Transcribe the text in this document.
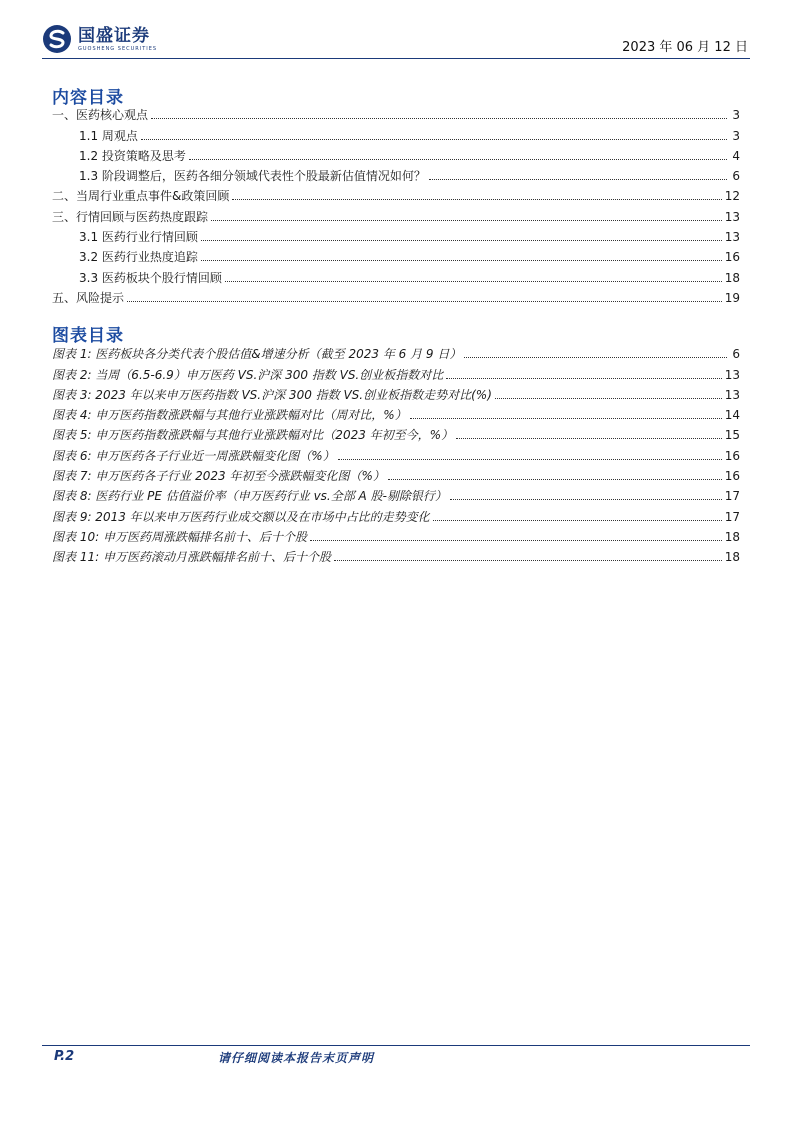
国盛证券
GUOSHENG SECURITIES	2023 年 06 月 12 日
内容目录
一、医药核心观点	3
1.1 周观点	3
1.2 投资策略及思考	4
1.3 阶段调整后，医药各细分领域代表性个股最新估值情况如何？	6
二、当周行业重点事件&政策回顾	12
三、行情回顾与医药热度跟踪	13
3.1 医药行业行情回顾	13
3.2 医药行业热度追踪	16
3.3 医药板块个股行情回顾	18
五、风险提示	19
图表目录
图表 1: 医药板块各分类代表个股估值&增速分析（截至 2023 年 6 月 9 日）	6
图表 2: 当周（6.5-6.9）申万医药 VS.沪深 300 指数 VS.创业板指数对比	13
图表 3: 2023 年以来申万医药指数 VS.沪深 300 指数 VS.创业板指数走势对比(%)	13
图表 4: 申万医药指数涨跌幅与其他行业涨跌幅对比（周对比，%）	14
图表 5: 申万医药指数涨跌幅与其他行业涨跌幅对比（2023 年初至今，%）	15
图表 6: 申万医药各子行业近一周涨跌幅变化图（%）	16
图表 7: 申万医药各子行业 2023 年初至今涨跌幅变化图（%）	16
图表 8: 医药行业 PE 估值溢价率（申万医药行业 vs.全部 A 股-剔除银行）	17
图表 9: 2013 年以来申万医药行业成交额以及在市场中占比的走势变化	17
图表 10: 申万医药周涨跌幅排名前十、后十个股	18
图表 11: 申万医药滚动月涨跌幅排名前十、后十个股	18
P.2	请仔细阅读本报告末页声明
